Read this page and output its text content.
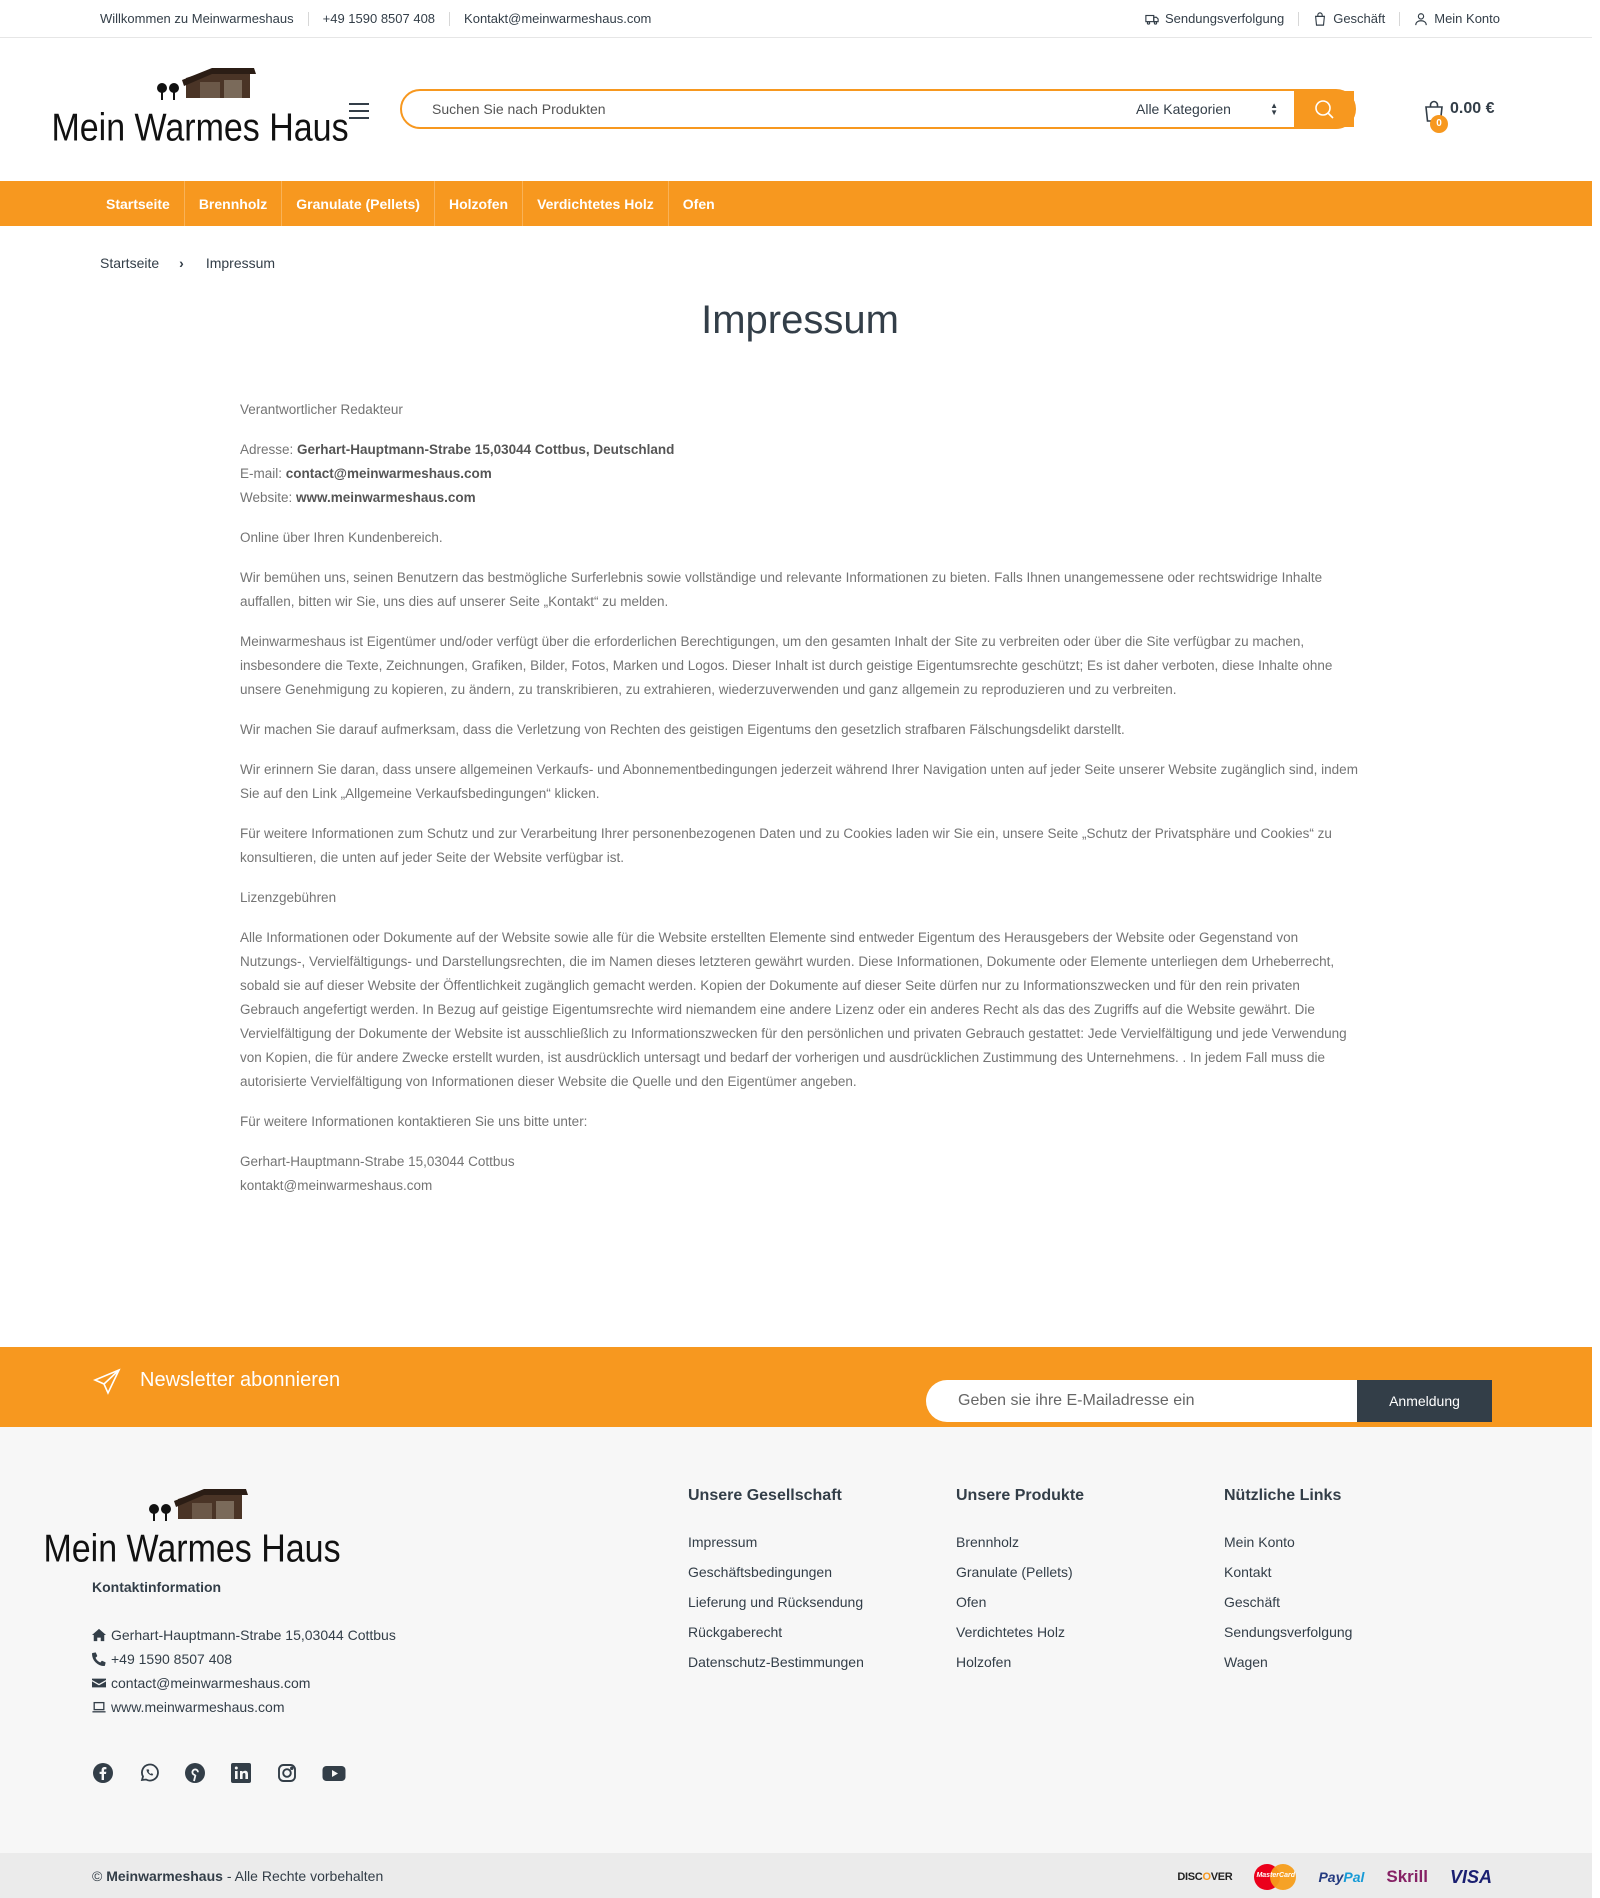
Willkommen zu Meinwarmeshaus	+49 1590 8507 408	Kontakt@meinwarmeshaus.com	Sendungsverfolgung	Geschäft	Mein Konto
Mein Warmes Haus
Suchen Sie nach Produkten	Alle Kategorien	▲
▼
0
0.00 €
Startseite	Brennholz	Granulate (Pellets)	Holzofen	Verdichtetes Holz	Ofen
Startseite › Impressum
Impressum

Verantwortlicher Redakteur

Adresse: Gerhart-Hauptmann-Strabe 15,03044 Cottbus, Deutschland
E-mail: contact@meinwarmeshaus.com
Website: www.meinwarmeshaus.com

Online über Ihren Kundenbereich.

Wir bemühen uns, seinen Benutzern das bestmögliche Surferlebnis sowie vollständige und relevante Informationen zu bieten. Falls Ihnen unangemessene oder rechtswidrige Inhalte auffallen, bitten wir Sie, uns dies auf unserer Seite „Kontakt“ zu melden.

Meinwarmeshaus ist Eigentümer und/oder verfügt über die erforderlichen Berechtigungen, um den gesamten Inhalt der Site zu verbreiten oder über die Site verfügbar zu machen, insbesondere die Texte, Zeichnungen, Grafiken, Bilder, Fotos, Marken und Logos. Dieser Inhalt ist durch geistige Eigentumsrechte geschützt; Es ist daher verboten, diese Inhalte ohne unsere Genehmigung zu kopieren, zu ändern, zu transkribieren, zu extrahieren, wiederzuverwenden und ganz allgemein zu reproduzieren und zu verbreiten.

Wir machen Sie darauf aufmerksam, dass die Verletzung von Rechten des geistigen Eigentums den gesetzlich strafbaren Fälschungsdelikt darstellt.

Wir erinnern Sie daran, dass unsere allgemeinen Verkaufs- und Abonnementbedingungen jederzeit während Ihrer Navigation unten auf jeder Seite unserer Website zugänglich sind, indem Sie auf den Link „Allgemeine Verkaufsbedingungen“ klicken.

Für weitere Informationen zum Schutz und zur Verarbeitung Ihrer personenbezogenen Daten und zu Cookies laden wir Sie ein, unsere Seite „Schutz der Privatsphäre und Cookies“ zu konsultieren, die unten auf jeder Seite der Website verfügbar ist.

Lizenzgebühren

Alle Informationen oder Dokumente auf der Website sowie alle für die Website erstellten Elemente sind entweder Eigentum des Herausgebers der Website oder Gegenstand von Nutzungs-, Vervielfältigungs- und Darstellungsrechten, die im Namen dieses letzteren gewährt wurden. Diese Informationen, Dokumente oder Elemente unterliegen dem Urheberrecht, sobald sie auf dieser Website der Öffentlichkeit zugänglich gemacht werden. Kopien der Dokumente auf dieser Seite dürfen nur zu Informationszwecken und für den rein privaten Gebrauch angefertigt werden. In Bezug auf geistige Eigentumsrechte wird niemandem eine andere Lizenz oder ein anderes Recht als das des Zugriffs auf die Website gewährt. Die Vervielfältigung der Dokumente der Website ist ausschließlich zu Informationszwecken für den persönlichen und privaten Gebrauch gestattet: Jede Vervielfältigung und jede Verwendung von Kopien, die für andere Zwecke erstellt wurden, ist ausdrücklich untersagt und bedarf der vorherigen und ausdrücklichen Zustimmung des Unternehmens. . In jedem Fall muss die autorisierte Vervielfältigung von Informationen dieser Website die Quelle und den Eigentümer angeben.

Für weitere Informationen kontaktieren Sie uns bitte unter:

Gerhart-Hauptmann-Strabe 15,03044 Cottbus
kontakt@meinwarmeshaus.com

Newsletter abonnieren
Geben sie ihre E-Mailadresse ein
Anmeldung
Mein Warmes Haus
Kontaktinformation
Gerhart-Hauptmann-Strabe 15,03044 Cottbus
+49 1590 8507 408
contact@meinwarmeshaus.com
www.meinwarmeshaus.com
Unsere Gesellschaft
Impressum
Geschäftsbedingungen
Lieferung und Rücksendung
Rückgaberecht
Datenschutz-Bestimmungen
Unsere Produkte
Brennholz
Granulate (Pellets)
Ofen
Verdichtetes Holz
Holzofen
Nützliche Links
Mein Konto
Kontakt
Geschäft
Sendungsverfolgung
Wagen
© Meinwarmeshaus - Alle Rechte vorbehalten	DISCOVER	MasterCard PayPal Skrill VISA
